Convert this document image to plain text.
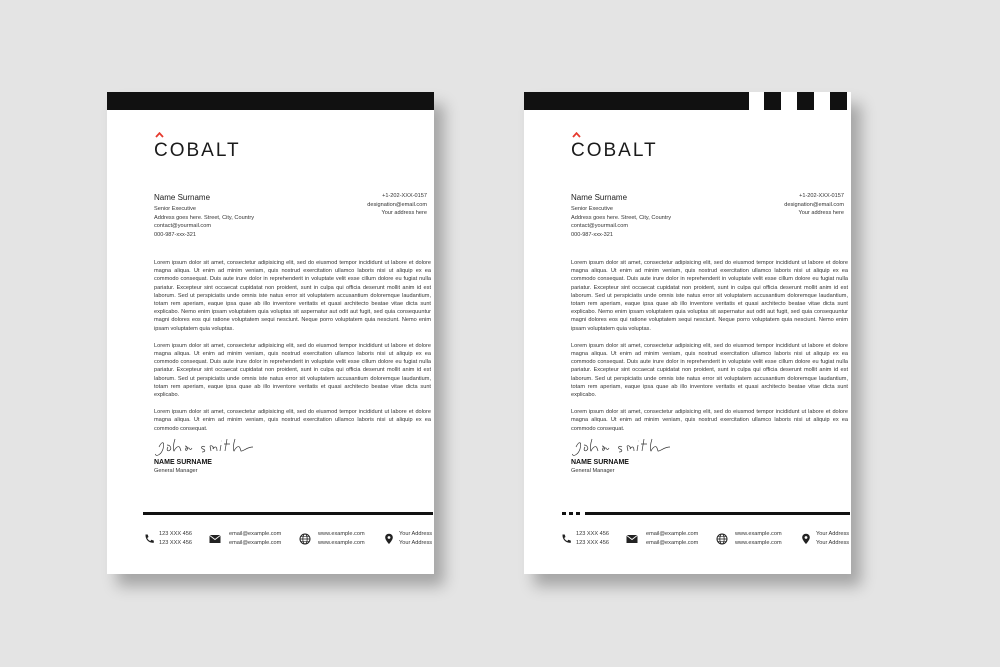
COBALT
Name Surname
Senior Executive
Address goes here. Street, City, Country
contact@yourmail.com
000-987-xxx-321
+1-202-XXX-0157
designation@email.com
Your address here

Lorem ipsum dolor sit amet, consectetur adipisicing elit, sed do eiusmod tempor incididunt ut labore et dolore magna aliqua. Ut enim ad minim veniam, quis nostrud exercitation ullamco laboris nisi ut aliquip ex ea commodo consequat. Duis aute irure dolor in reprehenderit in voluptate velit esse cillum dolore eu fugiat nulla pariatur. Excepteur sint occaecat cupidatat non proident, sunt in culpa qui officia deserunt mollit anim id est laborum. Sed ut perspiciatis unde omnis iste natus error sit voluptatem accusantium doloremque laudantium, totam rem aperiam, eaque ipsa quae ab illo inventore veritatis et quasi architecto beatae vitae dicta sunt explicabo. Nemo enim ipsam voluptatem quia voluptas sit aspernatur aut odit aut fugit, sed quia consequuntur magni dolores eos qui ratione voluptatem sequi nesciunt. Neque porro voluptatem quia nesciunt. Nemo enim ipsam voluptatem quia voluptas.

Lorem ipsum dolor sit amet, consectetur adipisicing elit, sed do eiusmod tempor incididunt ut labore et dolore magna aliqua. Ut enim ad minim veniam, quis nostrud exercitation ullamco laboris nisi ut aliquip ex ea commodo consequat. Duis aute irure dolor in reprehenderit in voluptate velit esse cillum dolore eu fugiat nulla pariatur. Excepteur sint occaecat cupidatat non proident, sunt in culpa qui officia deserunt mollit anim id est laborum. Sed ut perspiciatis unde omnis iste natus error sit voluptatem accusantium doloremque laudantium, totam rem aperiam, eaque ipsa quae ab illo inventore veritatis et quasi architecto beatae vitae dicta sunt explicabo.

Lorem ipsum dolor sit amet, consectetur adipisicing elit, sed do eiusmod tempor incididunt ut labore et dolore magna aliqua. Ut enim ad minim veniam, quis nostrud exercitation ullamco laboris nisi ut aliquip ex ea commodo consequat.

NAME SURNAME
General Manager
123 XXX 456
123 XXX 456
email@example.com
email@example.com
www.example.com
www.example.com
Your Address
Your Address
COBALT
Name Surname
Senior Executive
Address goes here. Street, City, Country
contact@yourmail.com
000-987-xxx-321
+1-202-XXX-0157
designation@email.com
Your address here

Lorem ipsum dolor sit amet, consectetur adipisicing elit, sed do eiusmod tempor incididunt ut labore et dolore magna aliqua. Ut enim ad minim veniam, quis nostrud exercitation ullamco laboris nisi ut aliquip ex ea commodo consequat. Duis aute irure dolor in reprehenderit in voluptate velit esse cillum dolore eu fugiat nulla pariatur. Excepteur sint occaecat cupidatat non proident, sunt in culpa qui officia deserunt mollit anim id est laborum. Sed ut perspiciatis unde omnis iste natus error sit voluptatem accusantium doloremque laudantium, totam rem aperiam, eaque ipsa quae ab illo inventore veritatis et quasi architecto beatae vitae dicta sunt explicabo. Nemo enim ipsam voluptatem quia voluptas sit aspernatur aut odit aut fugit, sed quia consequuntur magni dolores eos qui ratione voluptatem sequi nesciunt. Neque porro voluptatem quia nesciunt. Nemo enim ipsam voluptatem quia voluptas.

Lorem ipsum dolor sit amet, consectetur adipisicing elit, sed do eiusmod tempor incididunt ut labore et dolore magna aliqua. Ut enim ad minim veniam, quis nostrud exercitation ullamco laboris nisi ut aliquip ex ea commodo consequat. Duis aute irure dolor in reprehenderit in voluptate velit esse cillum dolore eu fugiat nulla pariatur. Excepteur sint occaecat cupidatat non proident, sunt in culpa qui officia deserunt mollit anim id est laborum. Sed ut perspiciatis unde omnis iste natus error sit voluptatem accusantium doloremque laudantium, totam rem aperiam, eaque ipsa quae ab illo inventore veritatis et quasi architecto beatae vitae dicta sunt explicabo.

Lorem ipsum dolor sit amet, consectetur adipisicing elit, sed do eiusmod tempor incididunt ut labore et dolore magna aliqua. Ut enim ad minim veniam, quis nostrud exercitation ullamco laboris nisi ut aliquip ex ea commodo consequat.

NAME SURNAME
General Manager
123 XXX 456
123 XXX 456
email@example.com
email@example.com
www.example.com
www.example.com
Your Address
Your Address
